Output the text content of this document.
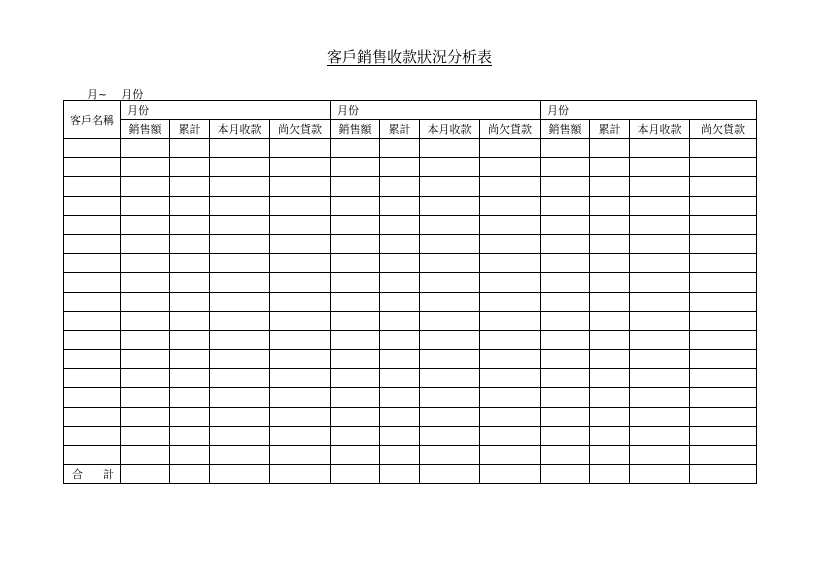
客戶銷售收款狀況分析表
月~ 月份
客戶名稱	月份				月份				月份			
	銷售額	累計	本月收款	尚欠貨款	銷售額	累計	本月收款	尚欠貨款	銷售額	累計	本月收款	尚欠貨款

合 計												
